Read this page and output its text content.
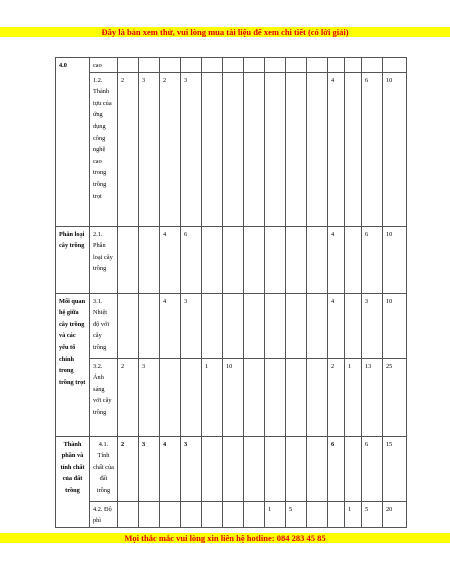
Đây là bản xem thử, vui lòng mua tài liệu để xem chi tiết (có lời giải)
4.0	cao														
	1.2. Thành tựu của ứng dụng công nghệ cao trong trồng trọt	2	3	2	3							4		6	10
Phân loại cây trồng	2.1. Phân loại cây trồng			4	6							4		6	10
Mối quan hệ giữa cây trồng và các yếu tố chính trong trồng trọt	3.1. Nhiệt độ với cây trồng			4	3							4		3	10
	3.2. Ánh sáng với cây trồng	2	3			1	10					2	1	13	25
Thành phần và tính chất của đất trồng	4.1. Tính chất của đất trồng	2	3	4	3							6		6	15
	4.2. Độ phì								1	5			1	5	20
Mọi thắc mắc vui lòng xin liên hệ hotline: 084 283 45 85
